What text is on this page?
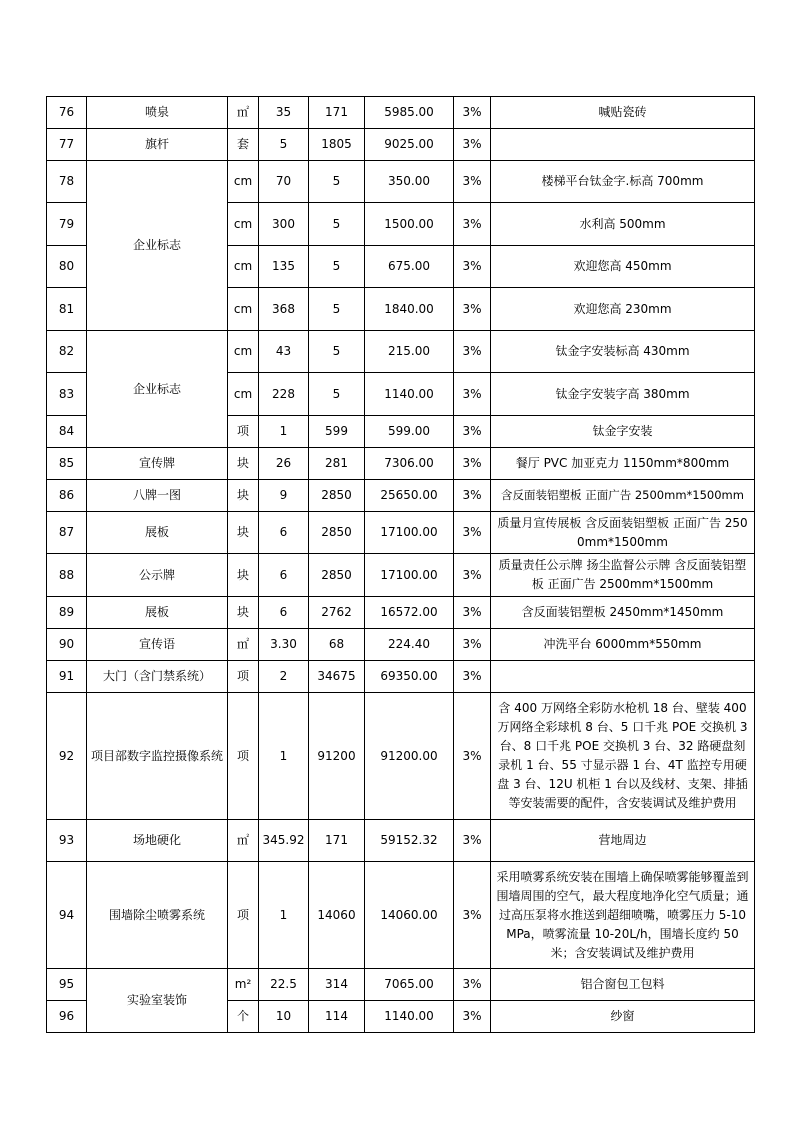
76	喷泉	㎡	35	171	5985.00	3%	喊贴瓷砖
77	旗杆	套	5	1805	9025.00	3%	
78	企业标志	cm	70	5	350.00	3%	楼梯平台钛金字.标高 700mm
79		cm	300	5	1500.00	3%	水利高 500mm
80		cm	135	5	675.00	3%	欢迎您高 450mm
81		cm	368	5	1840.00	3%	欢迎您高 230mm
82	企业标志	cm	43	5	215.00	3%	钛金字安装标高 430mm
83		cm	228	5	1140.00	3%	钛金字安装字高 380mm
84		项	1	599	599.00	3%	钛金字安装
85	宣传牌	块	26	281	7306.00	3%	餐厅 PVC 加亚克力 1150mm*800mm
86	八牌一图	块	9	2850	25650.00	3%	含反面装铝塑板 正面广告 2500mm*1500mm
87	展板	块	6	2850	17100.00	3%	质量月宣传展板 含反面装铝塑板 正面广告 2500mm*1500mm
88	公示牌	块	6	2850	17100.00	3%	质量责任公示牌 扬尘监督公示牌 含反面装铝塑板 正面广告 2500mm*1500mm
89	展板	块	6	2762	16572.00	3%	含反面装铝塑板 2450mm*1450mm
90	宣传语	㎡	3.30	68	224.40	3%	冲洗平台 6000mm*550mm
91	大门（含门禁系统）	项	2	34675	69350.00	3%	
92	项目部数字监控摄像系统	项	1	91200	91200.00	3%	含 400 万网络全彩防水枪机 18 台、壁装 400 万网络全彩球机 8 台、5 口千兆 POE 交换机 3 台、8 口千兆 POE 交换机 3 台、32 路硬盘刻录机 1 台、55 寸显示器 1 台、4T 监控专用硬盘 3 台、12U 机柜 1 台以及线材、支架、排插等安装需要的配件，含安装调试及维护费用
93	场地硬化	㎡	345.92	171	59152.32	3%	营地周边
94	围墙除尘喷雾系统	项	1	14060	14060.00	3%	采用喷雾系统安装在围墙上确保喷雾能够覆盖到围墙周围的空气，最大程度地净化空气质量；通过高压泵将水推送到超细喷嘴，喷雾压力 5-10MPa，喷雾流量 10-20L/h，围墙长度约 50 米；含安装调试及维护费用
95	实验室装饰	m²	22.5	314	7065.00	3%	铝合窗包工包料
96		个	10	114	1140.00	3%	纱窗
